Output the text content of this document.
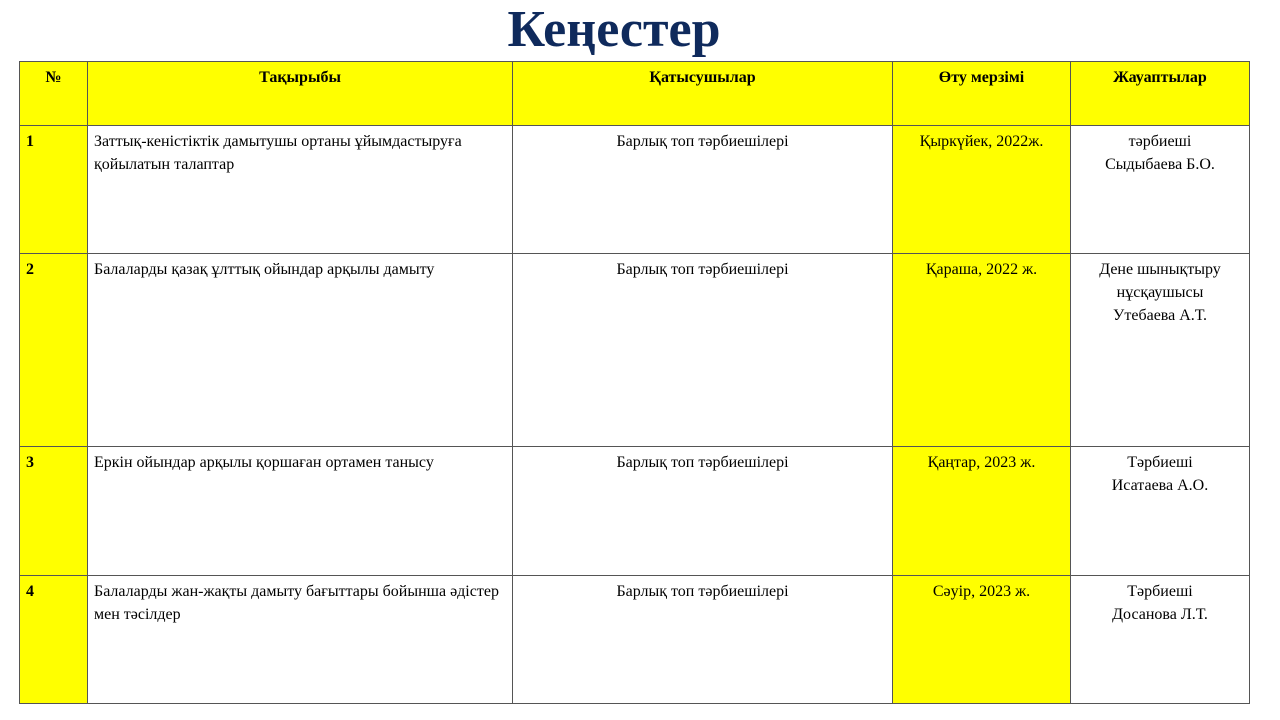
Кеңестер
№	Тақырыбы	Қатысушылар	Өту мерзімі	Жауаптылар
1	Заттық-кеністіктік дамытушы ортаны ұйымдастыруға қойылатын талаптар	Барлық топ тәрбиешілері	Қыркүйек, 2022ж.	тәрбиеші
Сыдыбаева Б.О.

2	Балаларды қазақ ұлттық ойындар арқылы дамыту	Барлық топ тәрбиешілері	Қараша, 2022 ж.	Дене шынықтыру
нұсқаушысы
Утебаева А.Т.

3	Еркін ойындар арқылы қоршаған ортамен танысу	Барлық топ тәрбиешілері	Қаңтар, 2023 ж.	Тәрбиеші
Исатаева А.О.

4	Балаларды жан-жақты дамыту бағыттары бойынша әдістер мен тәсілдер	Барлық топ тәрбиешілері	Сәуір, 2023 ж.	Тәрбиеші
Досанова Л.Т.
